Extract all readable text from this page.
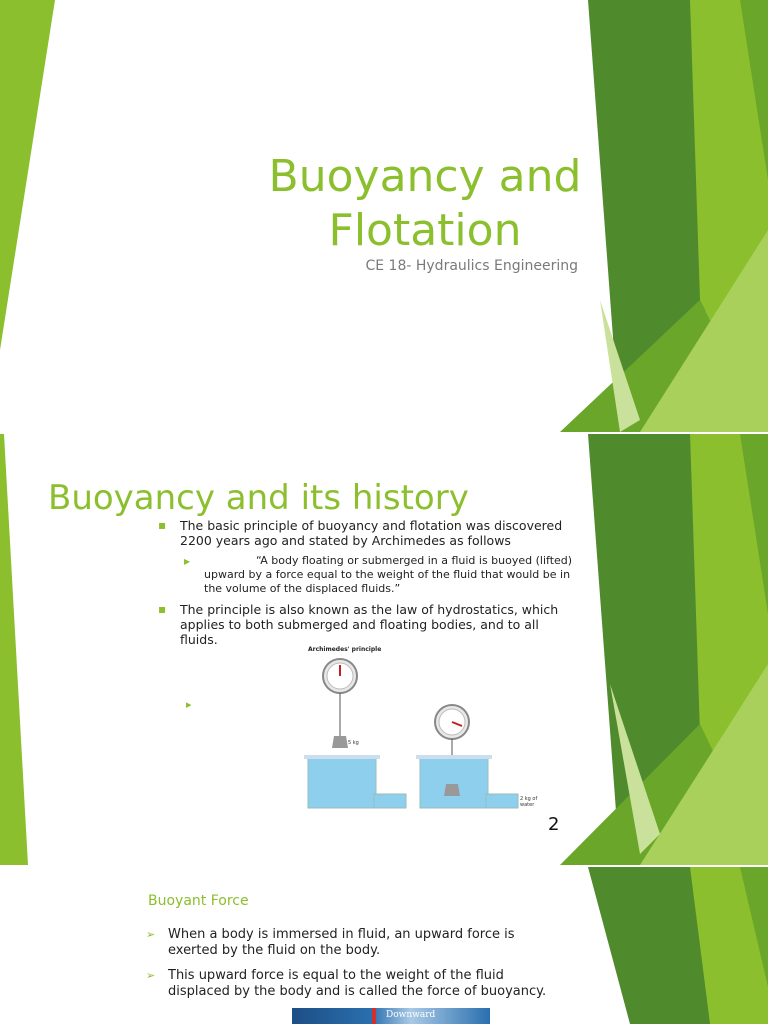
Buoyancy and
Flotation
CE 18- Hydraulics Engineering
Buoyancy and its history
▪ The basic principle of buoyancy and flotation was discovered 2200 years ago and stated by Archimedes as follows
▸	“A body floating or submerged in a fluid is buoyed (lifted) upward by a force equal to the weight of the fluid that would be in the volume of the displaced fluids.”
▪ The principle is also known as the law of hydrostatics, which applies to both submerged and floating bodies, and to all fluids.
▸
Archimedes' principle
5 kg
2 kg of water
2
Buoyant Force
➢ When a body is immersed in fluid, an upward force is exerted by the fluid on the body.
➢ This upward force is equal to the weight of the fluid displaced by the body and is called the force of buoyancy.
Downward
